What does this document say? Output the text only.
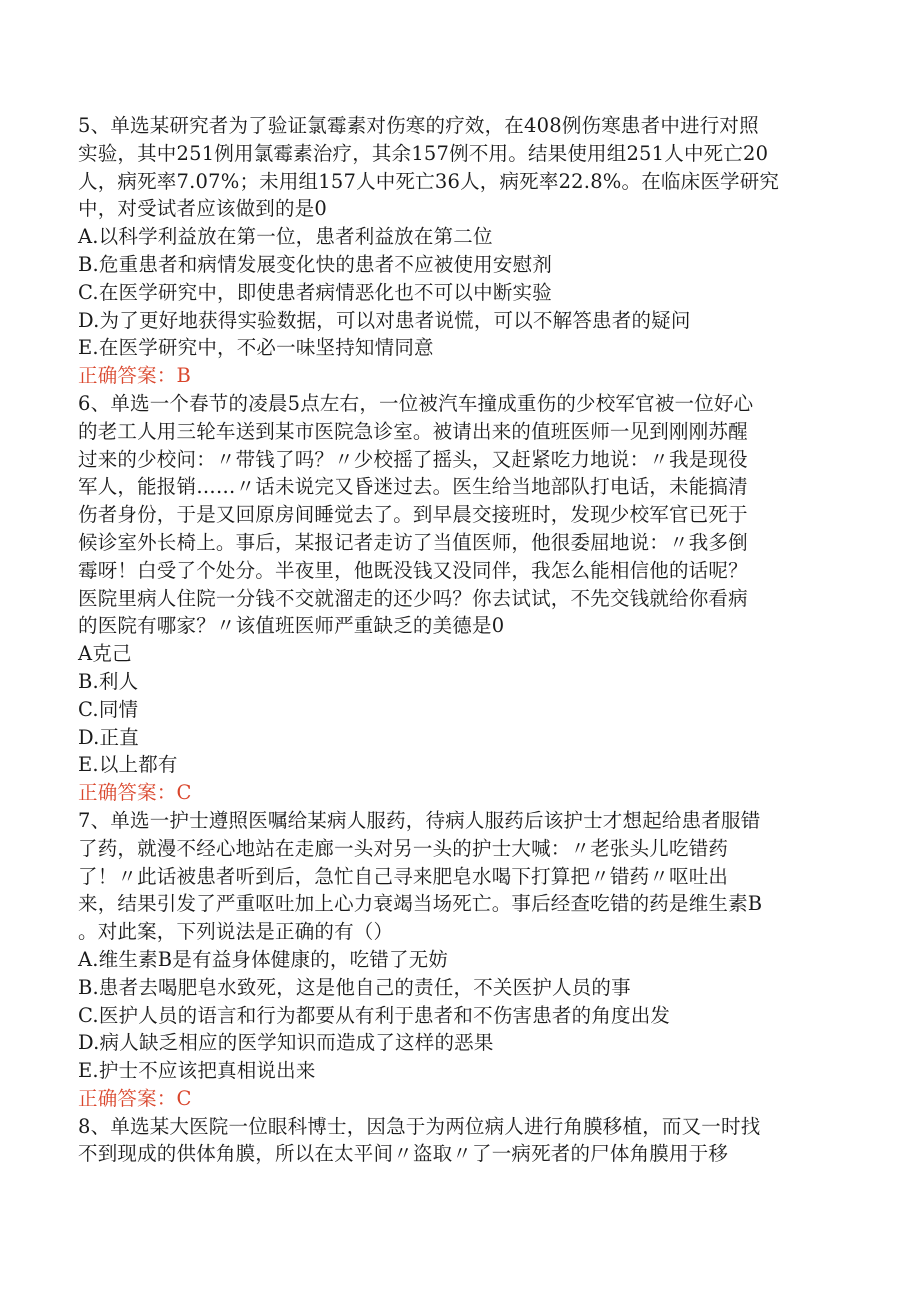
5、单选某研究者为了验证氯霉素对伤寒的疗效，在408例伤寒患者中进行对照

实验，其中251例用氯霉素治疗，其余157例不用。结果使用组251人中死亡20

人，病死率7.07%；未用组157人中死亡36人，病死率22.8%。在临床医学研究

中，对受试者应该做到的是0

A.以科学利益放在第一位，患者利益放在第二位

B.危重患者和病情发展变化快的患者不应被使用安慰剂

C.在医学研究中，即使患者病情恶化也不可以中断实验

D.为了更好地获得实验数据，可以对患者说慌，可以不解答患者的疑问

E.在医学研究中，不必一味坚持知情同意

正确答案：B

6、单选一个春节的凌晨5点左右，一位被汽车撞成重伤的少校军官被一位好心

的老工人用三轮车送到某市医院急诊室。被请出来的值班医师一见到刚刚苏醒

过来的少校问：〃带钱了吗？〃少校摇了摇头，又赶紧吃力地说：〃我是现役

军人，能报销……〃话未说完又昏迷过去。医生给当地部队打电话，未能搞清

伤者身份，于是又回原房间睡觉去了。到早晨交接班时，发现少校军官已死于

候诊室外长椅上。事后，某报记者走访了当值医师，他很委屈地说：〃我多倒

霉呀！白受了个处分。半夜里，他既没钱又没同伴，我怎么能相信他的话呢？

医院里病人住院一分钱不交就溜走的还少吗？你去试试，不先交钱就给你看病

的医院有哪家？〃该值班医师严重缺乏的美德是0

A克己

B.利人

C.同情

D.正直

E.以上都有

正确答案：C

7、单选一护士遵照医嘱给某病人服药，待病人服药后该护士才想起给患者服错

了药，就漫不经心地站在走廊一头对另一头的护士大喊：〃老张头儿吃错药

了！〃此话被患者听到后，急忙自己寻来肥皂水喝下打算把〃错药〃呕吐出

来，结果引发了严重呕吐加上心力衰竭当场死亡。事后经查吃错的药是维生素B

。对此案，下列说法是正确的有（）

A.维生素B是有益身体健康的，吃错了无妨

B.患者去喝肥皂水致死，这是他自己的责任，不关医护人员的事

C.医护人员的语言和行为都要从有利于患者和不伤害患者的角度出发

D.病人缺乏相应的医学知识而造成了这样的恶果

E.护士不应该把真相说出来

正确答案：C

8、单选某大医院一位眼科博士，因急于为两位病人进行角膜移植，而又一时找

不到现成的供体角膜，所以在太平间〃盗取〃了一病死者的尸体角膜用于移
